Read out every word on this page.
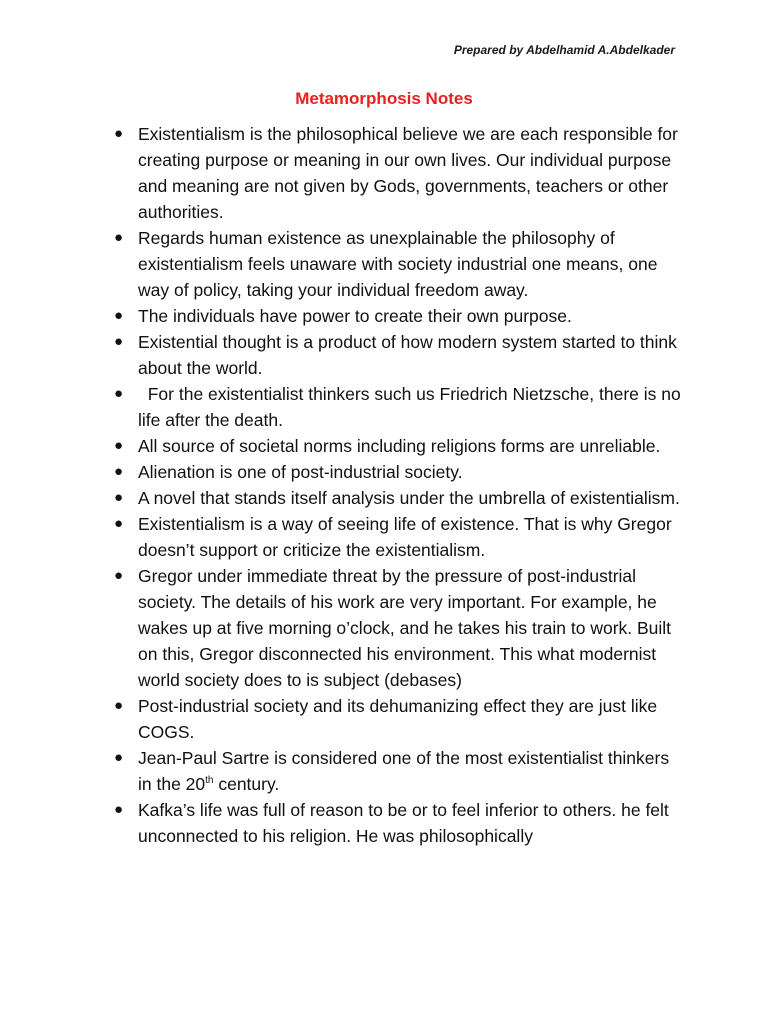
Prepared by Abdelhamid A.Abdelkader
Metamorphosis Notes
● Existentialism is the philosophical believe we are each responsible for creating purpose or meaning in our own lives. Our individual purpose and meaning are not given by Gods, governments, teachers or other authorities.
● Regards human existence as unexplainable the philosophy of existentialism feels unaware with society industrial one means, one way of policy, taking your individual freedom away.
● The individuals have power to create their own purpose.
● Existential thought is a product of how modern system started to think about the world.
● For the existentialist thinkers such us Friedrich Nietzsche, there is no life after the death.
● All source of societal norms including religions forms are unreliable.
● Alienation is one of post-industrial society.
● A novel that stands itself analysis under the umbrella of existentialism.
● Existentialism is a way of seeing life of existence. That is why Gregor doesn’t support or criticize the existentialism.
● Gregor under immediate threat by the pressure of post-industrial society. The details of his work are very important. For example, he wakes up at five morning o’clock, and he takes his train to work. Built on this, Gregor disconnected his environment. This what modernist world society does to is subject (debases)
● Post-industrial society and its dehumanizing effect they are just like COGS.
● Jean-Paul Sartre is considered one of the most existentialist thinkers in the 20th century.
● Kafka’s life was full of reason to be or to feel inferior to others. he felt unconnected to his religion. He was philosophically
